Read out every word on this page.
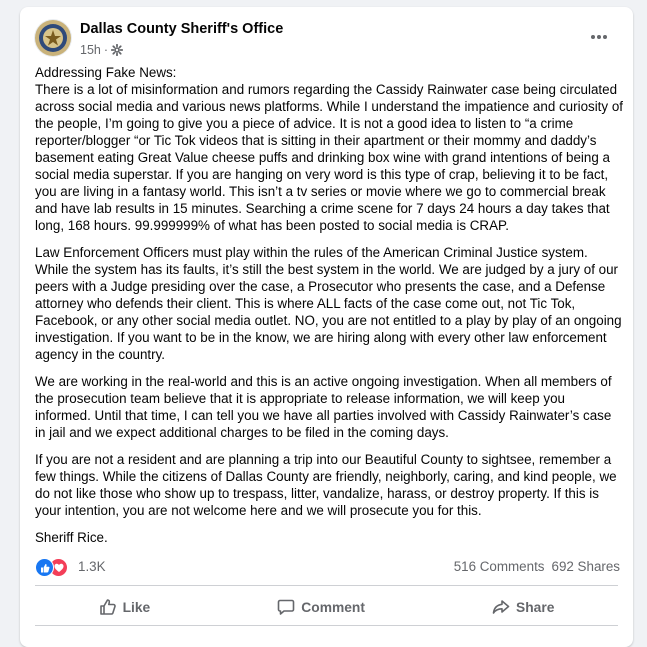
Dallas County Sheriff's Office
15h ·

Addressing Fake News:
There is a lot of misinformation and rumors regarding the Cassidy Rainwater case being circulated across social media and various news platforms. While I understand the impatience and curiosity of the people, I’m going to give you a piece of advice. It is not a good idea to listen to “a crime reporter/blogger “or Tic Tok videos that is sitting in their apartment or their mommy and daddy’s basement eating Great Value cheese puffs and drinking box wine with grand intentions of being a social media superstar. If you are hanging on very word is this type of crap, believing it to be fact, you are living in a fantasy world. This isn’t a tv series or movie where we go to commercial break and have lab results in 15 minutes. Searching a crime scene for 7 days 24 hours a day takes that long, 168 hours. 99.999999% of what has been posted to social media is CRAP.

Law Enforcement Officers must play within the rules of the American Criminal Justice system. While the system has its faults, it’s still the best system in the world. We are judged by a jury of our peers with a Judge presiding over the case, a Prosecutor who presents the case, and a Defense attorney who defends their client. This is where ALL facts of the case come out, not Tic Tok, Facebook, or any other social media outlet. NO, you are not entitled to a play by play of an ongoing investigation. If you want to be in the know, we are hiring along with every other law enforcement agency in the country.

We are working in the real-world and this is an active ongoing investigation. When all members of the prosecution team believe that it is appropriate to release information, we will keep you informed. Until that time, I can tell you we have all parties involved with Cassidy Rainwater’s case in jail and we expect additional charges to be filed in the coming days.

If you are not a resident and are planning a trip into our Beautiful County to sightsee, remember a few things. While the citizens of Dallas County are friendly, neighborly, caring, and kind people, we do not like those who show up to trespass, litter, vandalize, harass, or destroy property. If this is your intention, you are not welcome here and we will prosecute you for this.

Sheriff Rice.

1.3K	516 Comments 692 Shares
Like	Comment	Share
